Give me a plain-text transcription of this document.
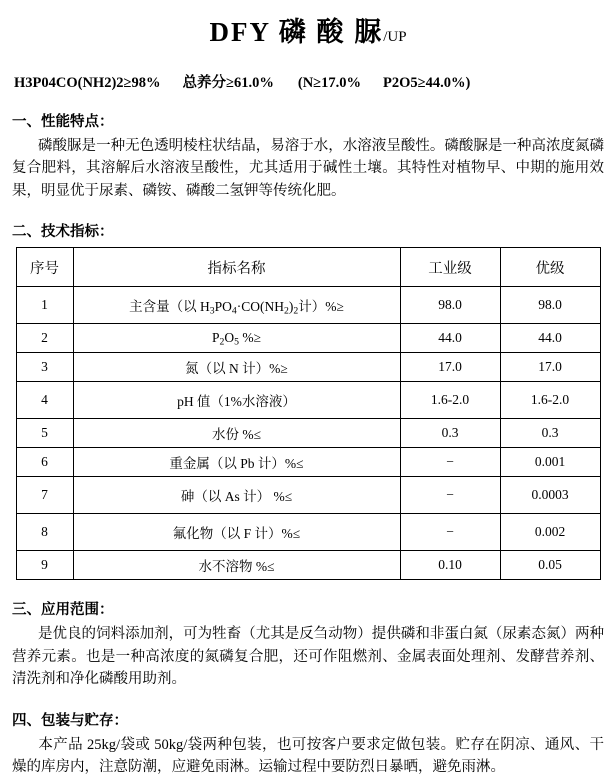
DFY 磷 酸 脲/UP
H3P04CO(NH2)2≥98% 总养分≥61.0% (N≥17.0% P2O5≥44.0%)
一、性能特点：
磷酸脲是一种无色透明棱柱状结晶，易溶于水，水溶液呈酸性。磷酸脲是一种高浓度氮磷复合肥料，其溶解后水溶液呈酸性，尤其适用于碱性土壤。其特性对植物早、中期的施用效果，明显优于尿素、磷铵、磷酸二氢钾等传统化肥。
二、技术指标：
序号	指标名称	工业级	优级
1	主含量（以 $H_3PO_4\cdot CO(NH_2)_2$计）%≥	98.0	98.0
2	$P_2O_5$ %≥	44.0	44.0
3	氮（以 N 计）%≥	17.0	17.0
4	pH 值（1%水溶液）	1.6-2.0	1.6-2.0
5	水份 %≤	0.3	0.3
6	重金属（以 Pb 计）%≤	−	0.001
7	砷（以 As 计） %≤	−	0.0003
8	氟化物（以 F 计）%≤	−	0.002
9	水不溶物 %≤	0.10	0.05
三、应用范围：
是优良的饲料添加剂，可为牲畜（尤其是反刍动物）提供磷和非蛋白氮（尿素态氮）两种营养元素。也是一种高浓度的氮磷复合肥，还可作阻燃剂、金属表面处理剂、发酵营养剂、清洗剂和净化磷酸用助剂。
四、包装与贮存：
本产品 25kg/袋或 50kg/袋两种包装，也可按客户要求定做包装。贮存在阴凉、通风、干燥的库房内，注意防潮，应避免雨淋。运输过程中要防烈日暴晒，避免雨淋。
